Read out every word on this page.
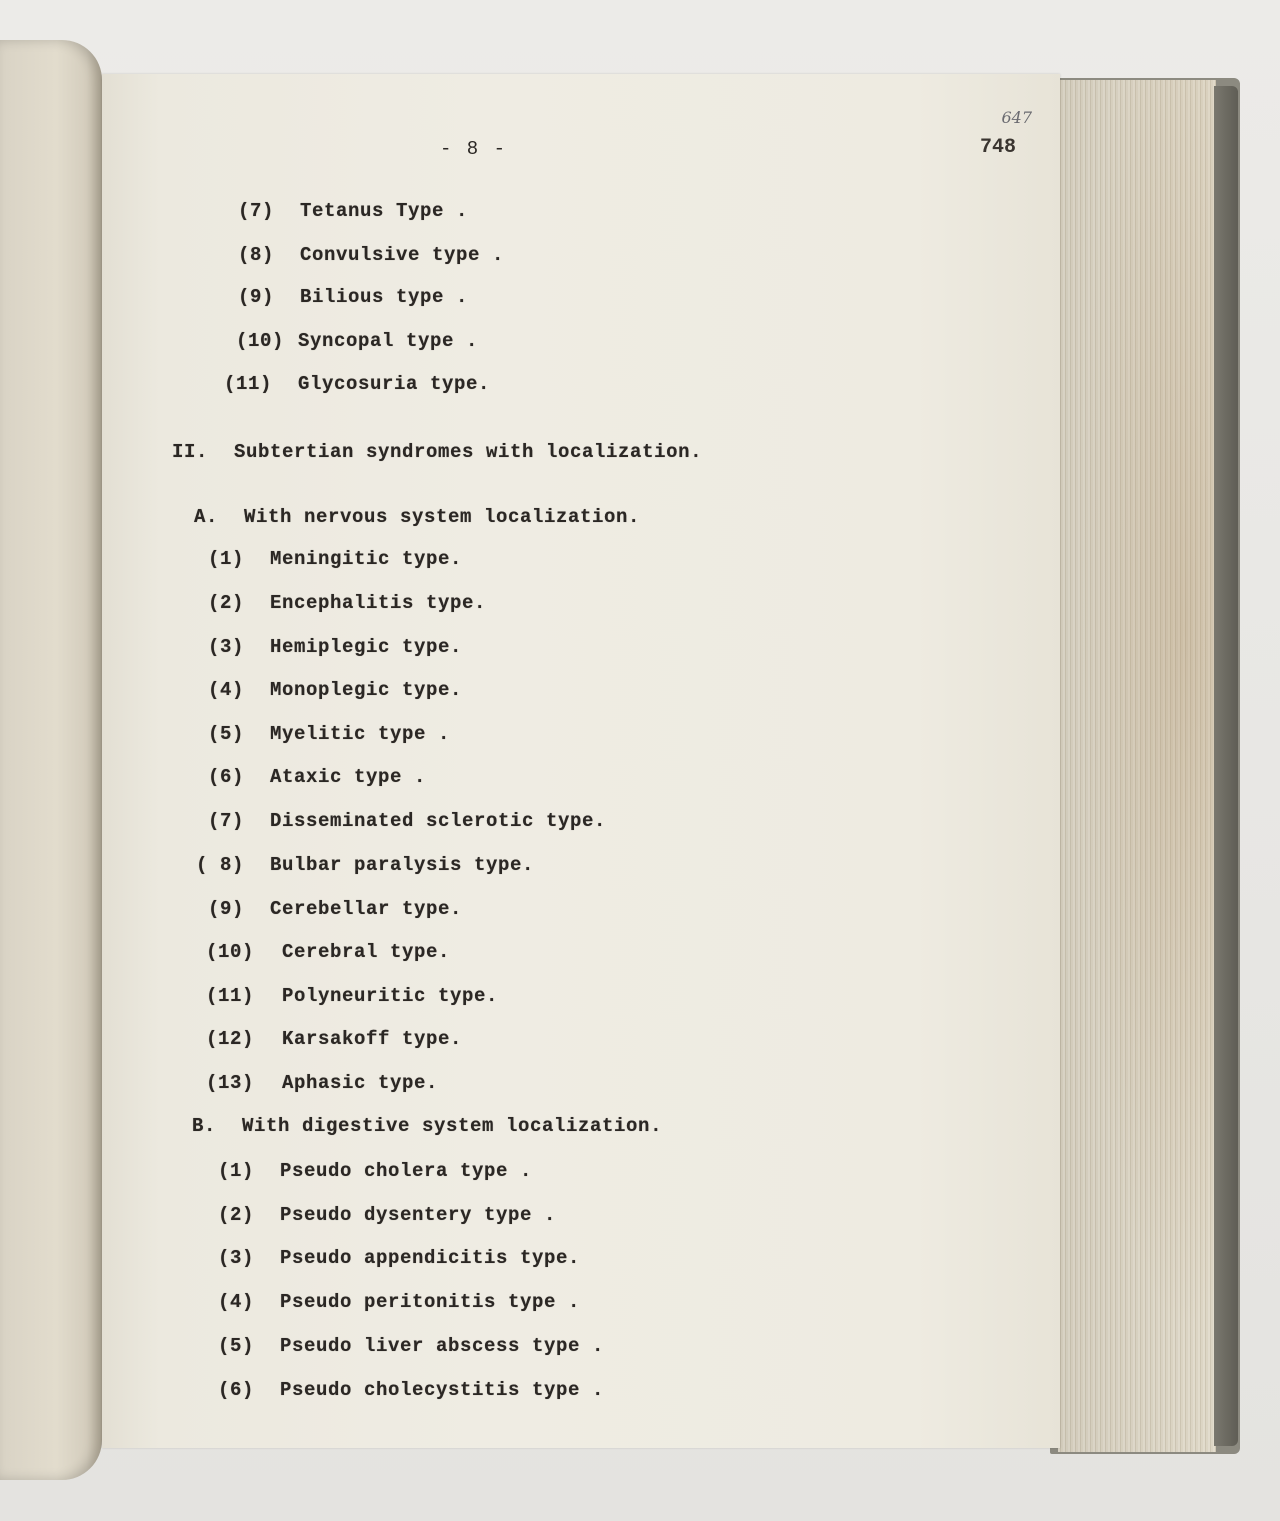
- 8 -
647
748
(7) Tetanus Type .
(8) Convulsive type .
(9) Bilious type .
(10) Syncopal type .
(11) Glycosuria type.
II. Subtertian syndromes with localization.
A. With nervous system localization.
(1) Meningitic type.
(2) Encephalitis type.
(3) Hemiplegic type.
(4) Monoplegic type.
(5) Myelitic type .
(6) Ataxic type .
(7) Disseminated sclerotic type.
( 8) Bulbar paralysis type.
(9) Cerebellar type.
(10) Cerebral type.
(11) Polyneuritic type.
(12) Karsakoff type.
(13) Aphasic type.
B. With digestive system localization.
(1) Pseudo cholera type .
(2) Pseudo dysentery type .
(3) Pseudo appendicitis type.
(4) Pseudo peritonitis type .
(5) Pseudo liver abscess type .
(6) Pseudo cholecystitis type .
